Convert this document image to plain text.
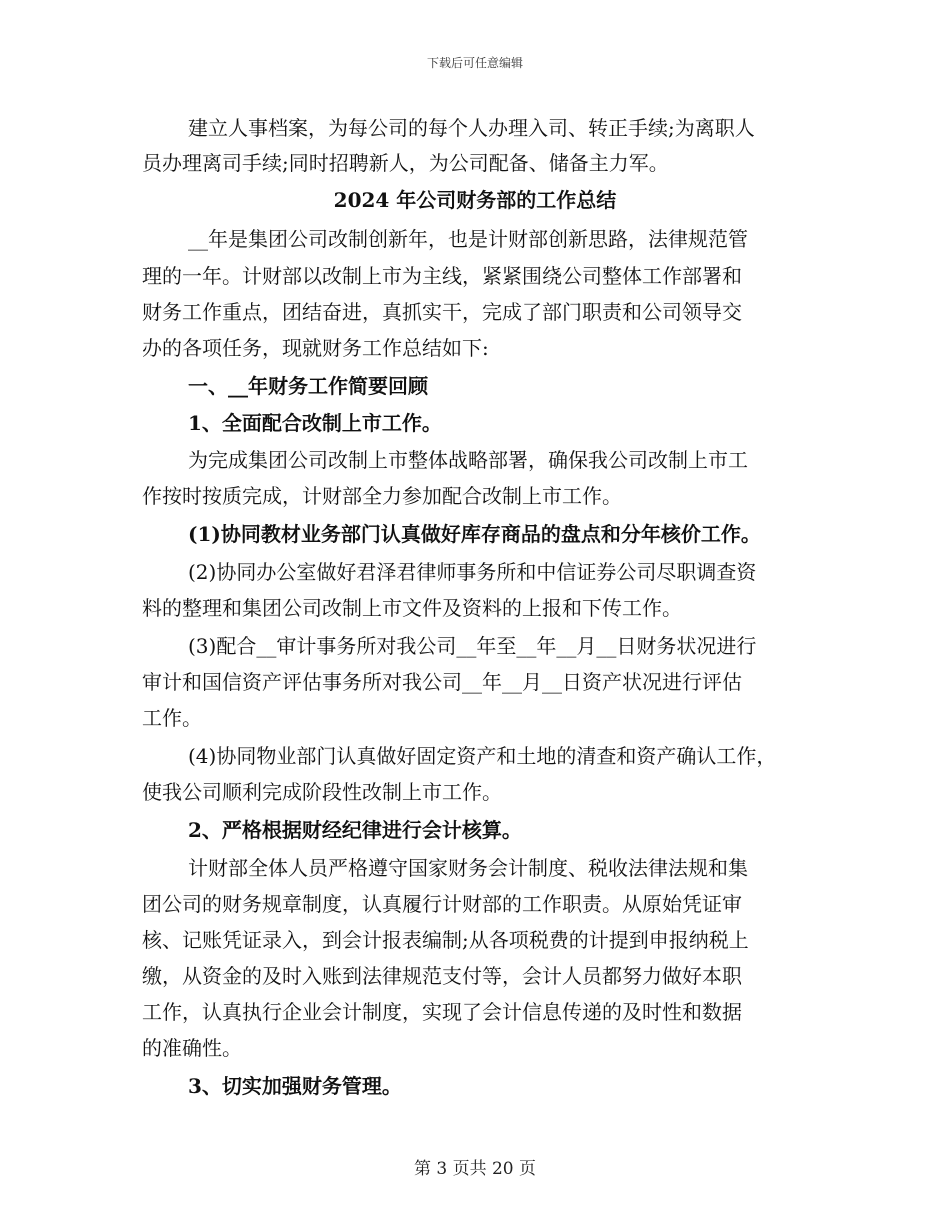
下载后可任意编辑
建立人事档案，为每公司的每个人办理入司、转正手续;为离职人
员办理离司手续;同时招聘新人，为公司配备、储备主力军。
2024 年公司财务部的工作总结
__年是集团公司改制创新年，也是计财部创新思路，法律规范管
理的一年。计财部以改制上市为主线，紧紧围绕公司整体工作部署和
财务工作重点，团结奋进，真抓实干，完成了部门职责和公司领导交
办的各项任务，现就财务工作总结如下:
一、__年财务工作简要回顾
1、全面配合改制上市工作。
为完成集团公司改制上市整体战略部署，确保我公司改制上市工
作按时按质完成，计财部全力参加配合改制上市工作。
(1)协同教材业务部门认真做好库存商品的盘点和分年核价工作。
(2)协同办公室做好君泽君律师事务所和中信证券公司尽职调查资
料的整理和集团公司改制上市文件及资料的上报和下传工作。
(3)配合__审计事务所对我公司__年至__年__月__日财务状况进行
审计和国信资产评估事务所对我公司__年__月__日资产状况进行评估
工作。
(4)协同物业部门认真做好固定资产和土地的清查和资产确认工作，
使我公司顺利完成阶段性改制上市工作。
2、严格根据财经纪律进行会计核算。
计财部全体人员严格遵守国家财务会计制度、税收法律法规和集
团公司的财务规章制度，认真履行计财部的工作职责。从原始凭证审
核、记账凭证录入，到会计报表编制;从各项税费的计提到申报纳税上
缴，从资金的及时入账到法律规范支付等，会计人员都努力做好本职
工作，认真执行企业会计制度，实现了会计信息传递的及时性和数据
的准确性。
3、切实加强财务管理。
第 3 页共 20 页
